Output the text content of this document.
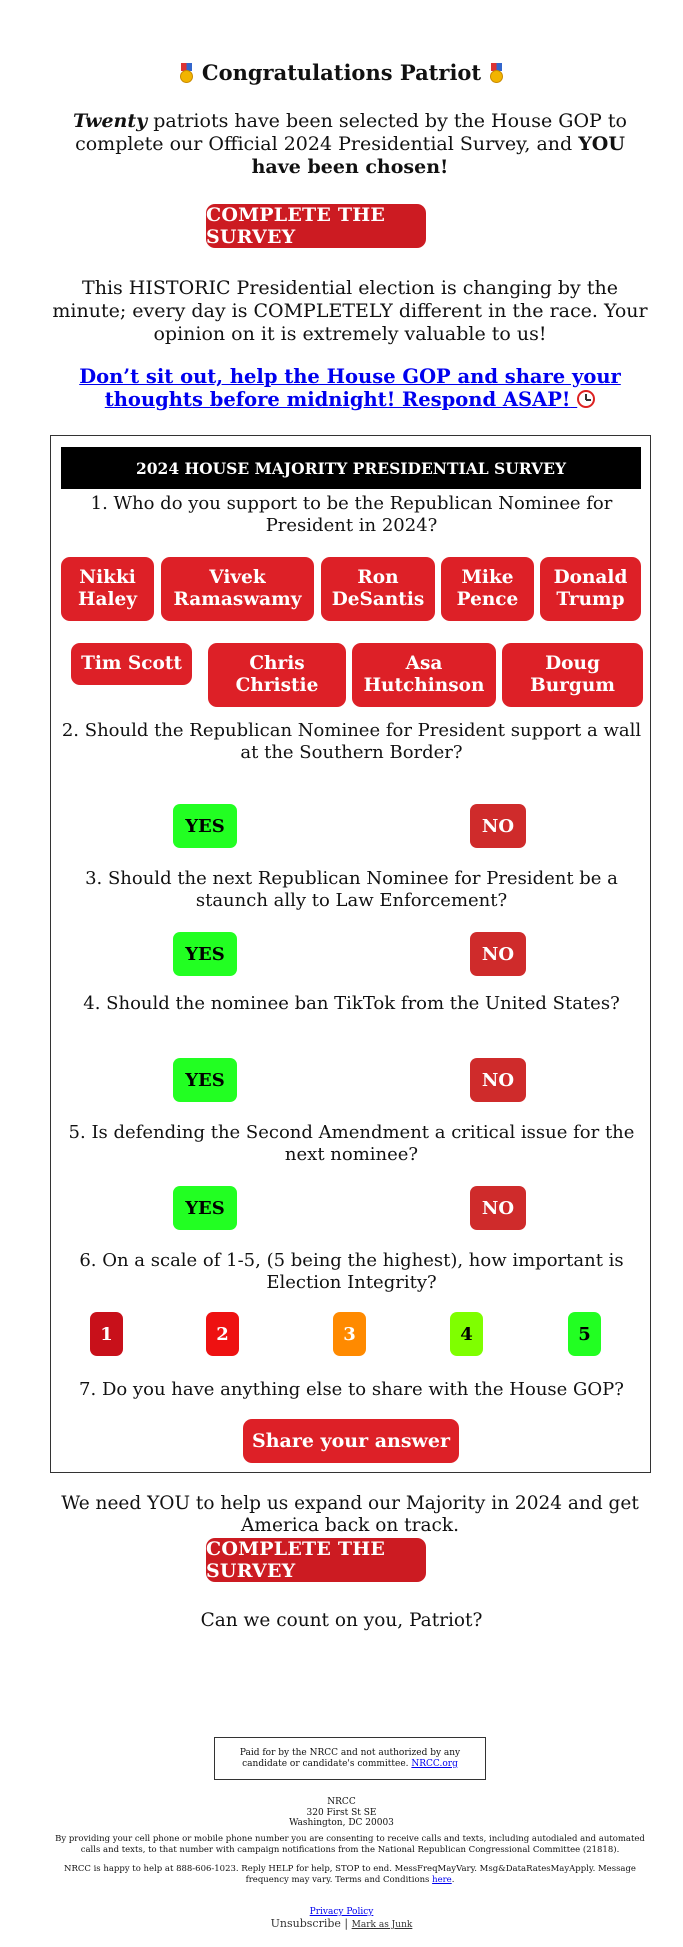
Congratulations Patriot
Twenty patriots have been selected by the House GOP to complete our Official 2024 Presidential Survey, and YOU have been chosen!
COMPLETE THE SURVEY
This HISTORIC Presidential election is changing by the minute; every day is COMPLETELY different in the race. Your opinion on it is extremely valuable to us!
Don’t sit out, help the House GOP and share your thoughts before midnight! Respond ASAP!
2024 HOUSE MAJORITY PRESIDENTIAL SURVEY
1. Who do you support to be the Republican Nominee for President in 2024?
Nikki Haley
Vivek Ramaswamy
Ron DeSantis
Mike Pence
Donald Trump
Tim Scott	Chris Christie
Asa Hutchinson
Doug Burgum
2. Should the Republican Nominee for President support a wall at the Southern Border?
YES	NO
3. Should the next Republican Nominee for President be a staunch ally to Law Enforcement?
YES	NO
4. Should the nominee ban TikTok from the United States?
YES	NO
5. Is defending the Second Amendment a critical issue for the next nominee?
YES	NO
6. On a scale of 1-5, (5 being the highest), how important is Election Integrity?
1	2	3	4	5
7. Do you have anything else to share with the House GOP?
Share your answer
We need YOU to help us expand our Majority in 2024 and get America back on track.
COMPLETE THE SURVEY
Can we count on you, Patriot?
Paid for by the NRCC and not authorized by any candidate or candidate's committee. NRCC.org
NRCC
320 First St SE
Washington, DC 20003
By providing your cell phone or mobile phone number you are consenting to receive calls and texts, including autodialed and automated calls and texts, to that number with campaign notifications from the National Republican Congressional Committee (21818).
NRCC is happy to help at 888-606-1023. Reply HELP for help, STOP to end. MessFreqMayVary. Msg&DataRatesMayApply. Message frequency may vary. Terms and Conditions here.
Privacy Policy
Unsubscribe | Mark as Junk
